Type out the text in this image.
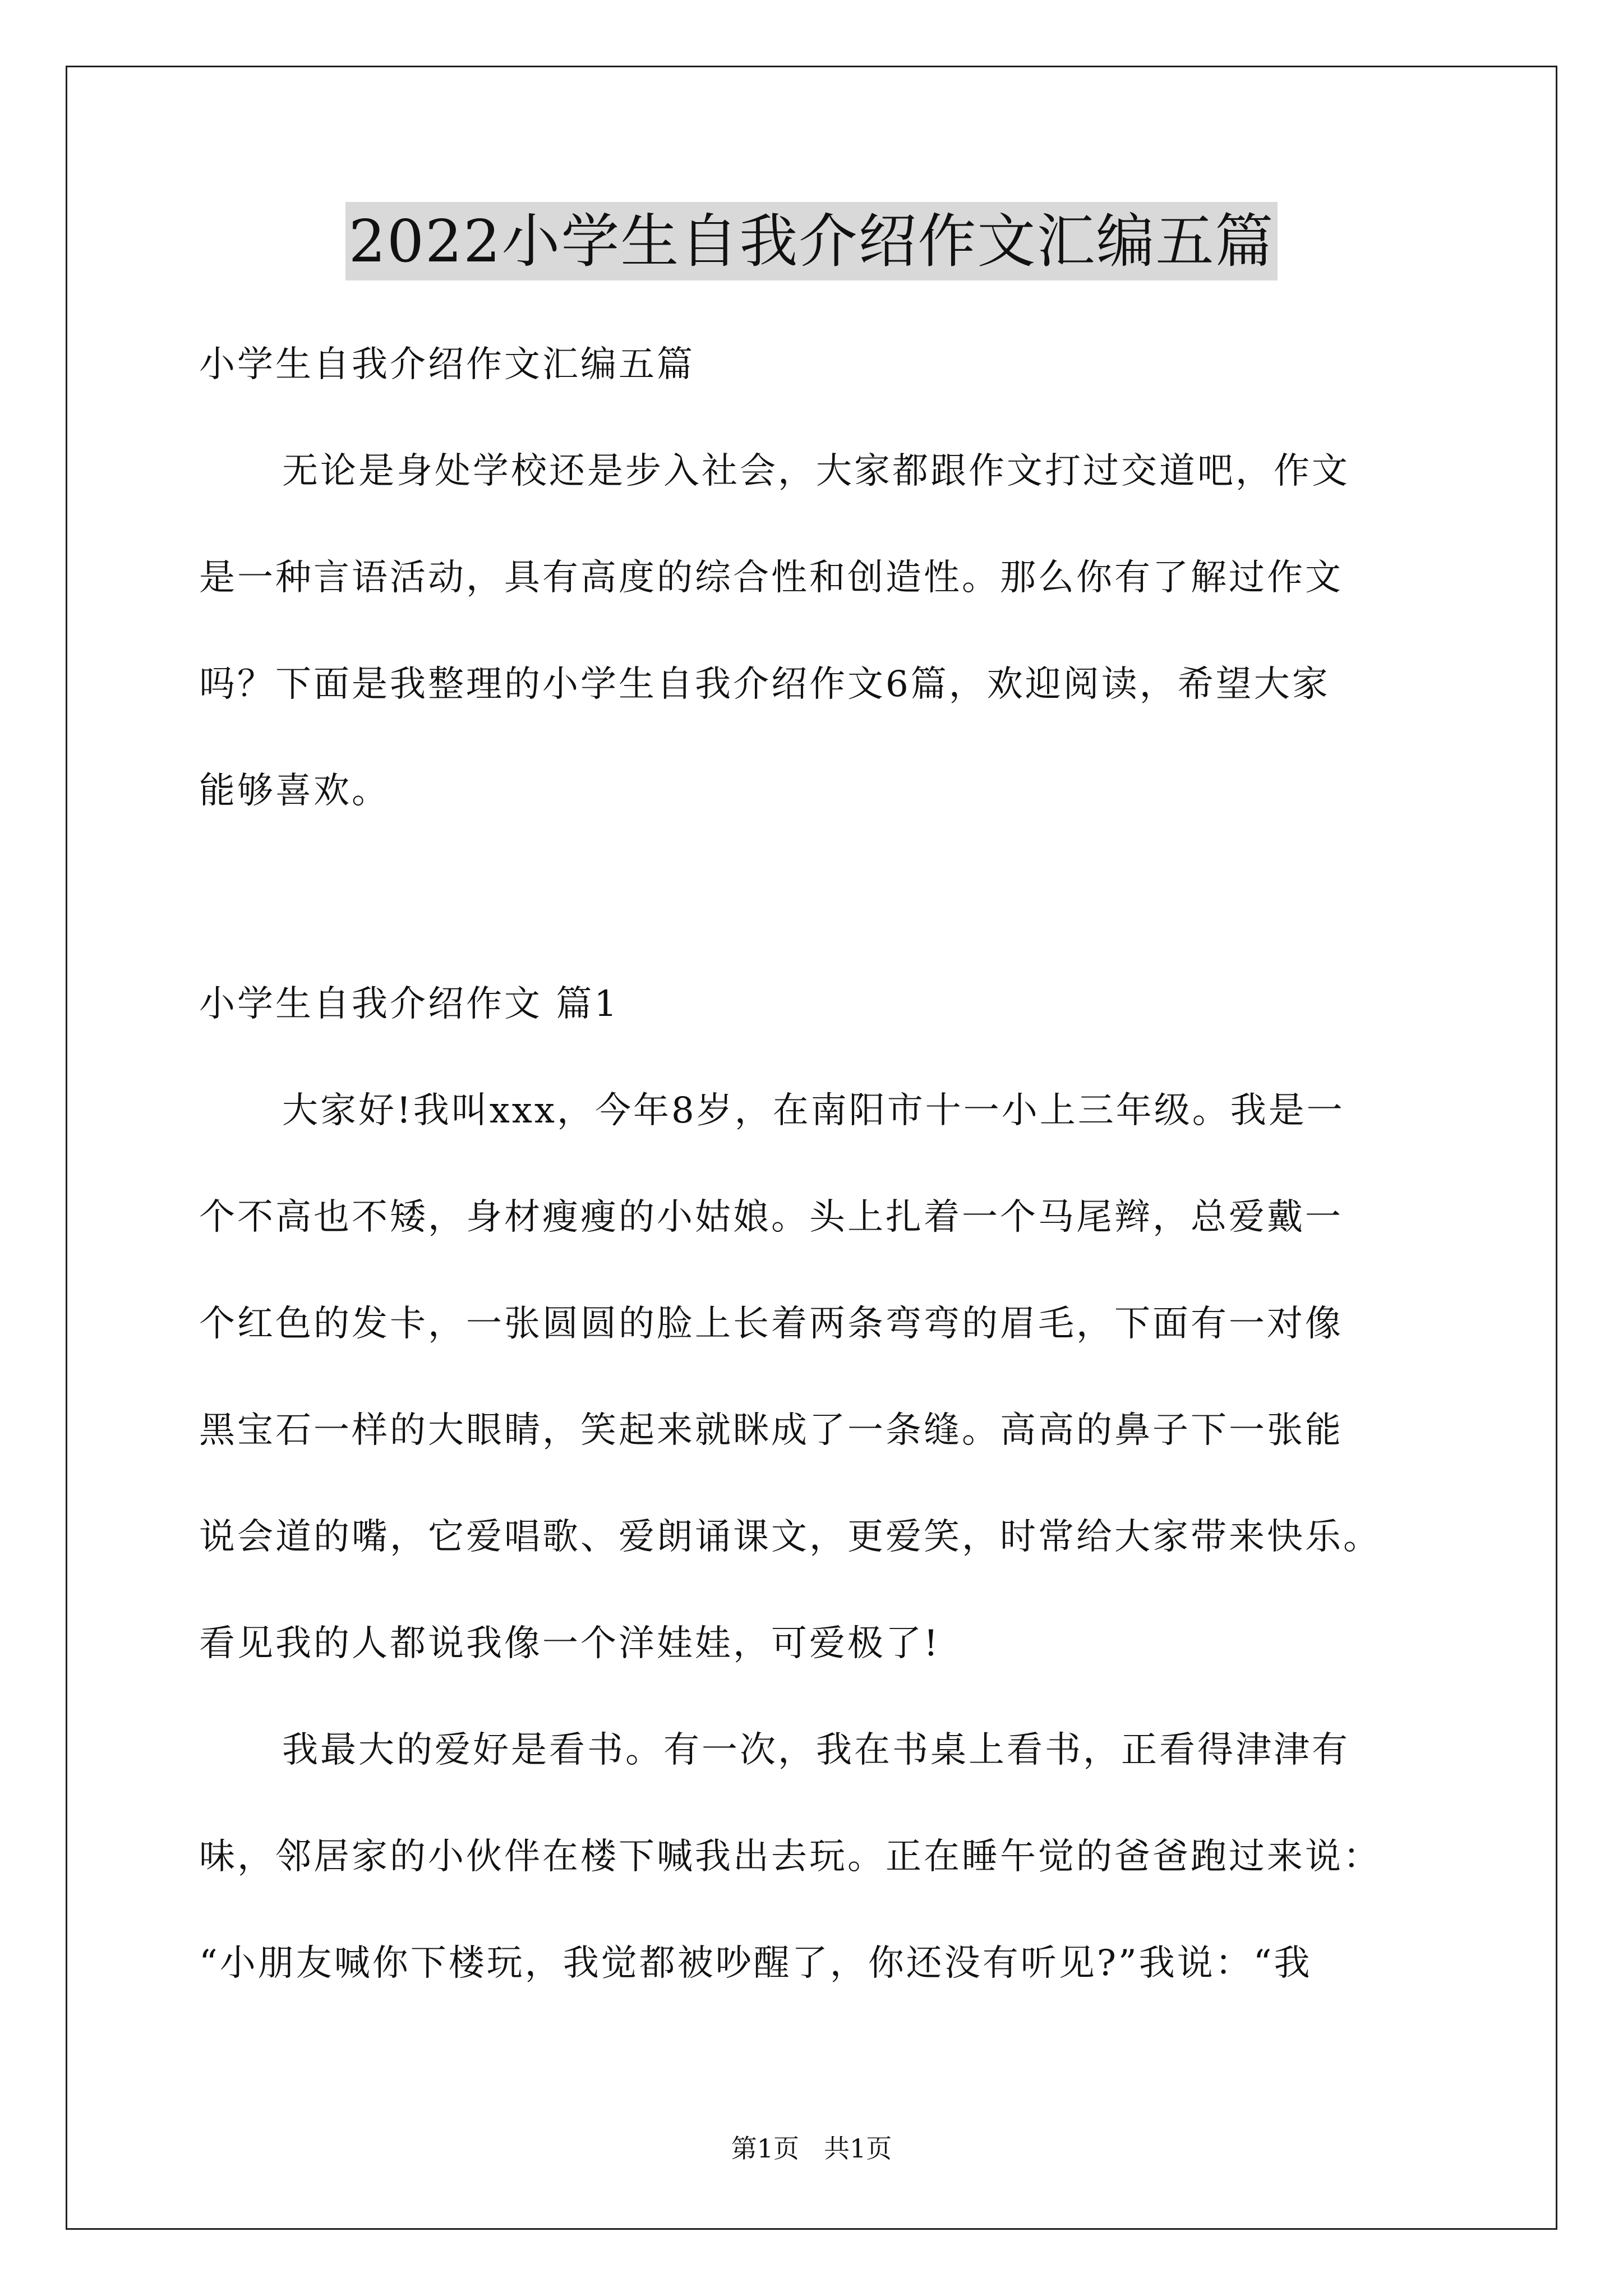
2022小学生自我介绍作文汇编五篇
小学生自我介绍作文汇编五篇
无论是身处学校还是步入社会，大家都跟作文打过交道吧，作文
是一种言语活动，具有高度的综合性和创造性。那么你有了解过作文
吗？下面是我整理的小学生自我介绍作文6篇，欢迎阅读，希望大家
能够喜欢。
小学生自我介绍作文 篇1
大家好!我叫xxx，今年8岁，在南阳市十一小上三年级。我是一
个不高也不矮，身材瘦瘦的小姑娘。头上扎着一个马尾辫，总爱戴一
个红色的发卡，一张圆圆的脸上长着两条弯弯的眉毛，下面有一对像
黑宝石一样的大眼睛，笑起来就眯成了一条缝。高高的鼻子下一张能
说会道的嘴，它爱唱歌、爱朗诵课文，更爱笑，时常给大家带来快乐。
看见我的人都说我像一个洋娃娃，可爱极了!
我最大的爱好是看书。有一次，我在书桌上看书，正看得津津有
味，邻居家的小伙伴在楼下喊我出去玩。正在睡午觉的爸爸跑过来说：
“小朋友喊你下楼玩，我觉都被吵醒了，你还没有听见?”我说：“我
第1页 共1页
